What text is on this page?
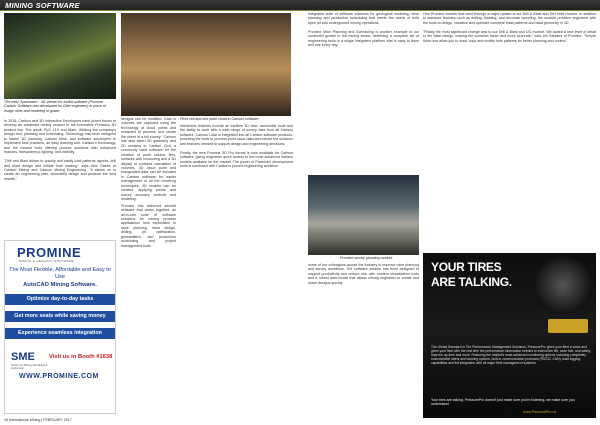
MINING SOFTWARE
The new* Sparrowtm - 3D Viewer for toolkit software (Promine Carlson Software now developed for Gibe engineers) in place of image mine and modeling of grade.

In 2016, Carlson and 3D Interactive Developers have joined forces to develop an advanced mining product to the Innovative Precision 3D product line. The result, PyG 13.0 and Niant. Utilizing the company's design tool, planning and scheduling. Technology has been designed to further 3D planning, Carlson Mine, and software developers to implement best practices, an easy learning tool. Carlson's technology, and the newest tools offering product solutions with enhanced features, transparency, lighting, and visibility.

"Drill and Blast allows to quickly and easily load patterns layouts, drill and blast design and initiate hole loading," says Alex Gasior at Carlson Mining and Carlson Mining Engineering. "It allows us to create an engineering plan, accurately design and produce the best results."

designs can be modified. Data in volumes are captured using the technology of cloud points and extracted to process and create the sheet of a full survey." Carlson has also taken 3D geometry and 2D sections in Carlson Civil, a commonly used software for the creation of point volume files, surfaces with contouring and a 3D display of surfaces calculation of volumes. 3D cloud point and triangulated data can be included in Carlson software for easier management of all the modeling techniques. 3D models can be created, applying points and survey accuracy controls and modeling.

Promine has delivered several software that works together, an all-in-one suite of software solutions for mining process applications from exploration to mine planning, mine design, drilling, pit optimization, geostatistics, and production scheduling and project management tools.

Pivot cell and one point cloud in Carlson software

Interactive features include an intuitive 3D view, accessible tools and the ability to work with a wide range of survey data from all Carlson software. Carlson Lidar is integrated into all Carlson software products, providing the tools to process point cloud data and extract the surfaces and features needed to support design and engineering decisions.

Finally, the new Promine 3D Pro format is now available for Carlson software, giving engineers quick access to the most advanced surface models available on the market. The power of Promine's development tools is combined with Carlson's proven engineering workflow.

flexible, affordable, and easy to use for multiple needs. Following a long history of collaboration, the company has developed an integrated suite of software solutions for geological modeling, mine planning and production scheduling that meets the needs of both open pit and underground mining operations.

Promine Mine Planning and Scheduling is another example of our continued growth in the mining sector, delivering a complete set of engineering tools in a single integrated platform that is easy to learn and use every day.

Promine survey planning module

some of our colleagues across the industry to improve mine planning and survey workflows. The software module has been designed to support productivity and reduce risk, with modern visualization tools and a robust data model that allows mining engineers to create and share designs quickly.

will make our users' day-to-day easier."

One Promine module that went through a major update is our Drill & Blast and Drill Hole module. In addition to standard features such as drilling, blasting, and accurate reporting, the module provides engineers with the tools to design, visualize and optimize complete blast patterns and blast geometry in 3D.

"Finally the most significant change was to our Drill & Blast and UG module. We added a new level of detail to the blast design, making the workflow faster and more accurate," said Jim Sanders of Promine. "Simple tools now allow you to draw, copy and modify hole patterns for better planning and control."

PROMINE
MINING & GEOLOGY SOFTWARE
The Most Flexible, Affordable and Easy to Use
AutoCAD Mining Software.
Optimize day-to-day tasks
Get more seats while saving money
Experience seamless integration
SME
Society for Mining, Metallurgy & Exploration
Visit us in Booth #1638
WWW.PROMINE.COM
YOUR TIRES
ARE TALKING.
The Global Standard in Tire Performance Management Solutions, PressurePro gives your fleet a voice and gives your fleet with the real time tire performance information needed to extend tire life, save fuel, and safety. Improve up-time and more. Featuring the market's most advanced monitoring options including completely customizable alerts and warning options, built-in communication protocols (RS232, CAN), data logging capabilities and full integration with all major fleet management systems.
Your tires are talking. PressurePro doesn't just make sure you're listening, we make sure you understand.
www.PressurePro.us
16 International Mining | FEBRUARY 2017
